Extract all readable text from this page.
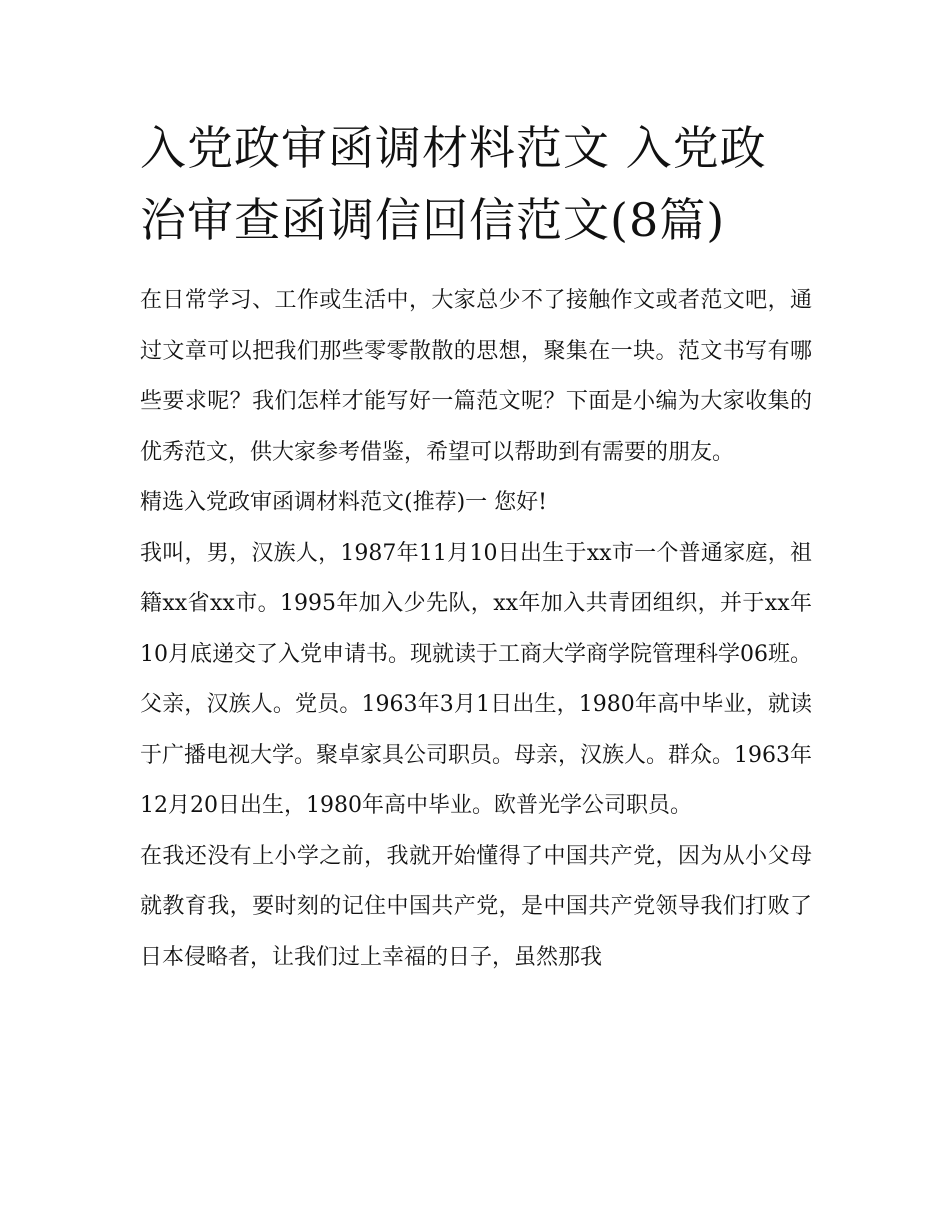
入党政审函调材料范文 入党政治审查函调信回信范文(8篇)

在日常学习、工作或生活中，大家总少不了接触作文或者范文吧，通过文章可以把我们那些零零散散的思想，聚集在一块。范文书写有哪些要求呢？我们怎样才能写好一篇范文呢？下面是小编为大家收集的优秀范文，供大家参考借鉴，希望可以帮助到有需要的朋友。

精选入党政审函调材料范文(推荐)一 您好!

我叫，男，汉族人，1987年11月10日出生于xx市一个普通家庭，祖籍xx省xx市。1995年加入少先队，xx年加入共青团组织，并于xx年10月底递交了入党申请书。现就读于工商大学商学院管理科学06班。父亲，汉族人。党员。1963年3月1日出生，1980年高中毕业，就读于广播电视大学。聚卓家具公司职员。母亲，汉族人。群众。1963年12月20日出生，1980年高中毕业。欧普光学公司职员。

在我还没有上小学之前，我就开始懂得了中国共产党，因为从小父母就教育我，要时刻的记住中国共产党，是中国共产党领导我们打败了日本侵略者，让我们过上幸福的日子，虽然那我
